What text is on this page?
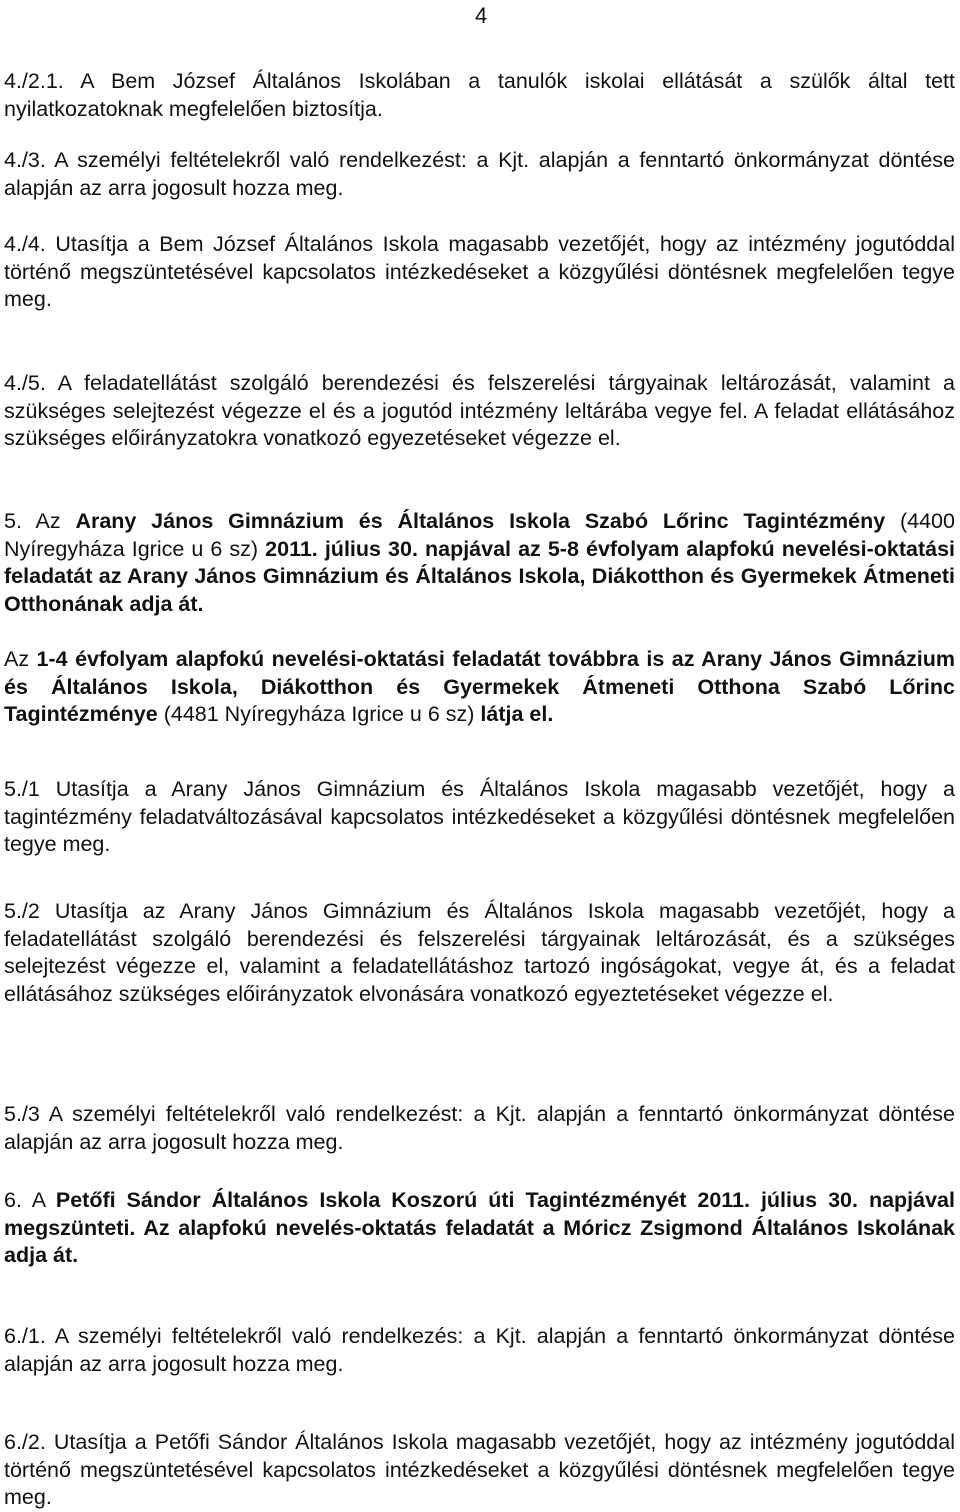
4

4./2.1. A Bem József Általános Iskolában a tanulók iskolai ellátását a szülők által tett nyilatkozatoknak megfelelően biztosítja.

4./3. A személyi feltételekről való rendelkezést: a Kjt. alapján a fenntartó önkormányzat döntése alapján az arra jogosult hozza meg.

4./4. Utasítja a Bem József Általános Iskola magasabb vezetőjét, hogy az intézmény jogutóddal történő megszüntetésével kapcsolatos intézkedéseket a közgyűlési döntésnek megfelelően tegye meg.

4./5. A feladatellátást szolgáló berendezési és felszerelési tárgyainak leltározását, valamint a szükséges selejtezést végezze el és a jogutód intézmény leltárába vegye fel. A feladat ellátásához szükséges előirányzatokra vonatkozó egyezetéseket végezze el.

5. Az Arany János Gimnázium és Általános Iskola Szabó Lőrinc Tagintézmény (4400 Nyíregyháza Igrice u 6 sz) 2011. július 30. napjával az 5-8 évfolyam alapfokú nevelési-oktatási feladatát az Arany János Gimnázium és Általános Iskola, Diákotthon és Gyermekek Átmeneti Otthonának adja át.

Az 1-4 évfolyam alapfokú nevelési-oktatási feladatát továbbra is az Arany János Gimnázium és Általános Iskola, Diákotthon és Gyermekek Átmeneti Otthona Szabó Lőrinc Tagintézménye (4481 Nyíregyháza Igrice u 6 sz) látja el.

5./1 Utasítja a Arany János Gimnázium és Általános Iskola magasabb vezetőjét, hogy a tagintézmény feladatváltozásával kapcsolatos intézkedéseket a közgyűlési döntésnek megfelelően tegye meg.

5./2 Utasítja az Arany János Gimnázium és Általános Iskola magasabb vezetőjét, hogy a feladatellátást szolgáló berendezési és felszerelési tárgyainak leltározását, és a szükséges selejtezést végezze el, valamint a feladatellátáshoz tartozó ingóságokat, vegye át, és a feladat ellátásához szükséges előirányzatok elvonására vonatkozó egyeztetéseket végezze el.

5./3 A személyi feltételekről való rendelkezést: a Kjt. alapján a fenntartó önkormányzat döntése alapján az arra jogosult hozza meg.

6. A Petőfi Sándor Általános Iskola Koszorú úti Tagintézményét 2011. július 30. napjával megszünteti. Az alapfokú nevelés-oktatás feladatát a Móricz Zsigmond Általános Iskolának adja át.

6./1. A személyi feltételekről való rendelkezés: a Kjt. alapján a fenntartó önkormányzat döntése alapján az arra jogosult hozza meg.

6./2. Utasítja a Petőfi Sándor Általános Iskola magasabb vezetőjét, hogy az intézmény jogutóddal történő megszüntetésével kapcsolatos intézkedéseket a közgyűlési döntésnek megfelelően tegye meg.
